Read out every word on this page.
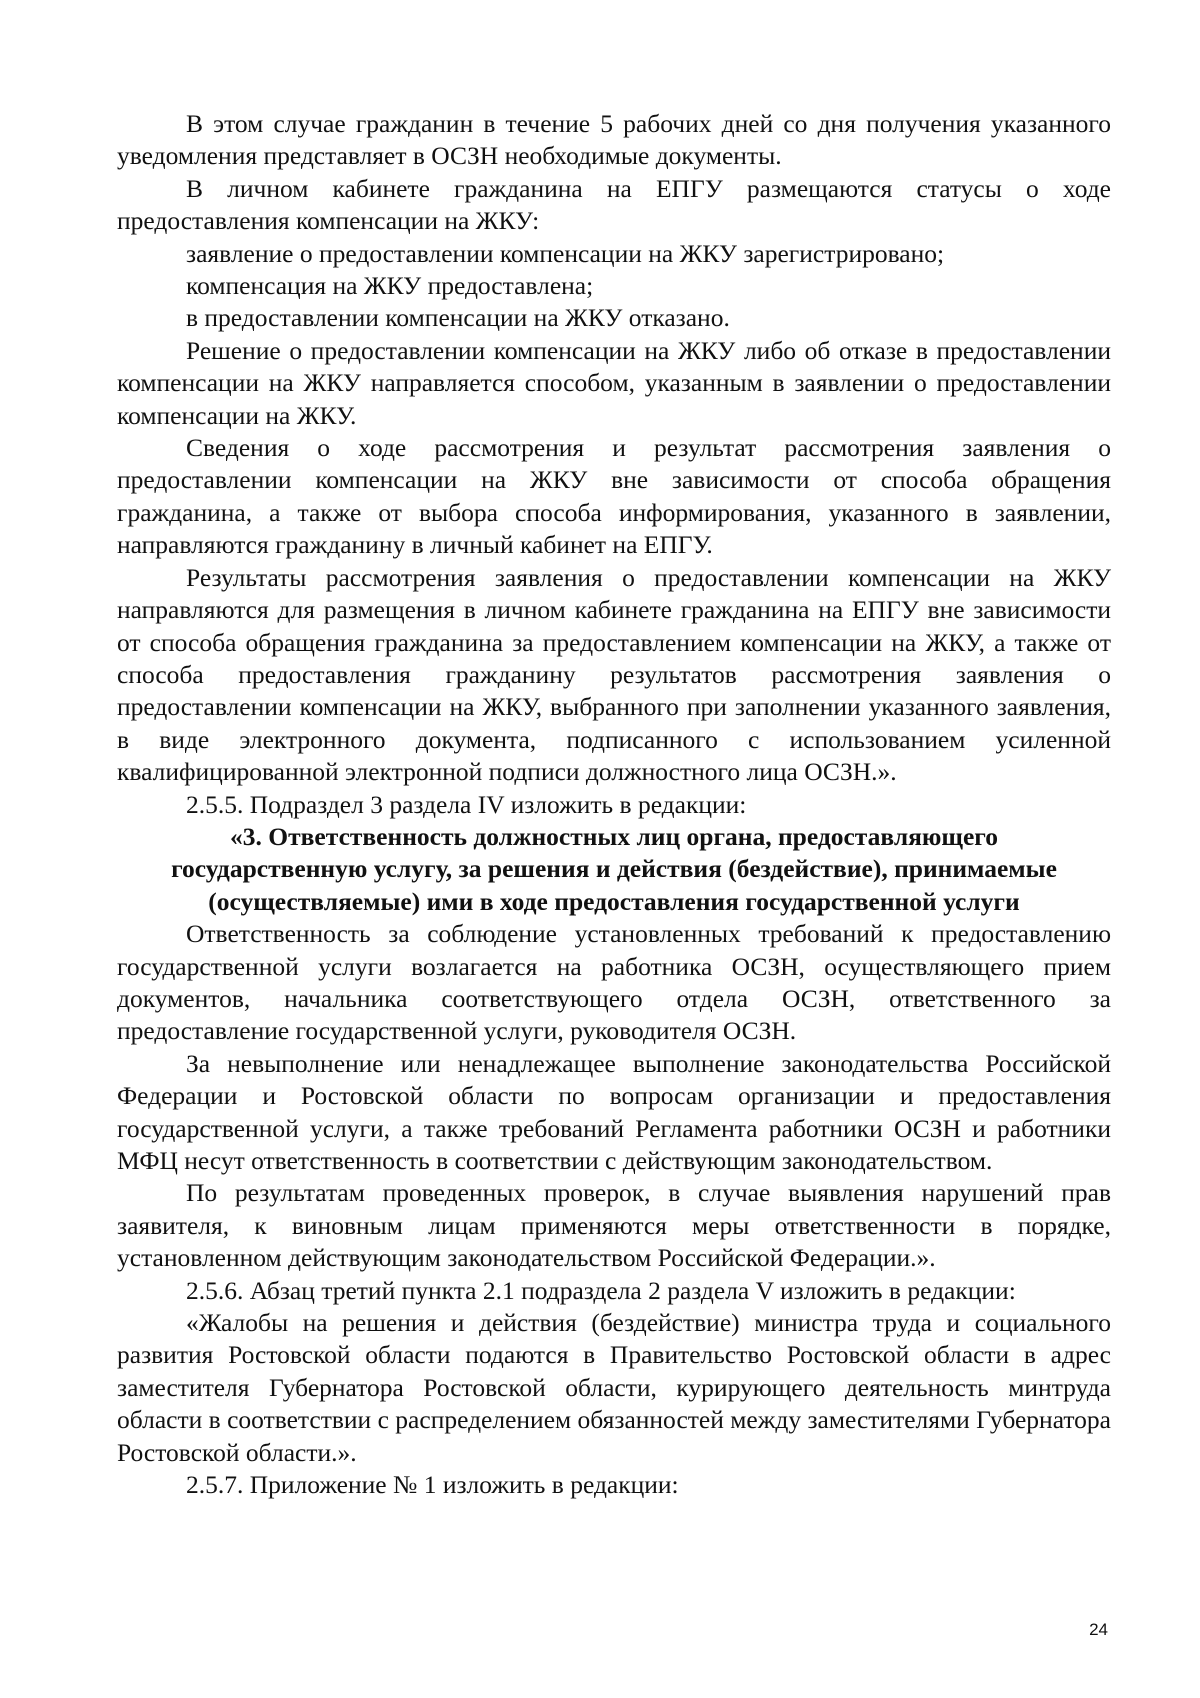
В этом случае гражданин в течение 5 рабочих дней со дня получения указанного уведомления представляет в ОСЗН необходимые документы.

В личном кабинете гражданина на ЕПГУ размещаются статусы о ходе предоставления компенсации на ЖКУ:

заявление о предоставлении компенсации на ЖКУ зарегистрировано;

компенсация на ЖКУ предоставлена;

в предоставлении компенсации на ЖКУ отказано.

Решение о предоставлении компенсации на ЖКУ либо об отказе в предоставлении компенсации на ЖКУ направляется способом, указанным в заявлении о предоставлении компенсации на ЖКУ.

Сведения о ходе рассмотрения и результат рассмотрения заявления о предоставлении компенсации на ЖКУ вне зависимости от способа обращения гражданина, а также от выбора способа информирования, указанного в заявлении, направляются гражданину в личный кабинет на ЕПГУ.

Результаты рассмотрения заявления о предоставлении компенсации на ЖКУ направляются для размещения в личном кабинете гражданина на ЕПГУ вне зависимости от способа обращения гражданина за предоставлением компенсации на ЖКУ, а также от способа предоставления гражданину результатов рассмотрения заявления о предоставлении компенсации на ЖКУ, выбранного при заполнении указанного заявления, в виде электронного документа, подписанного с использованием усиленной квалифицированной электронной подписи должностного лица ОСЗН.».

2.5.5. Подраздел 3 раздела IV изложить в редакции:

«3. Ответственность должностных лиц органа, предоставляющего

государственную услугу, за решения и действия (бездействие), принимаемые

(осуществляемые) ими в ходе предоставления государственной услуги

Ответственность за соблюдение установленных требований к предоставлению государственной услуги возлагается на работника ОСЗН, осуществляющего прием документов, начальника соответствующего отдела ОСЗН, ответственного за предоставление государственной услуги, руководителя ОСЗН.

За невыполнение или ненадлежащее выполнение законодательства Российской Федерации и Ростовской области по вопросам организации и предоставления государственной услуги, а также требований Регламента работники ОСЗН и работники МФЦ несут ответственность в соответствии с действующим законодательством.

По результатам проведенных проверок, в случае выявления нарушений прав заявителя, к виновным лицам применяются меры ответственности в порядке, установленном действующим законодательством Российской Федерации.».

2.5.6. Абзац третий пункта 2.1 подраздела 2 раздела V изложить в редакции:

«Жалобы на решения и действия (бездействие) министра труда и социального развития Ростовской области подаются в Правительство Ростовской области в адрес заместителя Губернатора Ростовской области, курирующего деятельность минтруда области в соответствии с распределением обязанностей между заместителями Губернатора Ростовской области.».

2.5.7. Приложение № 1 изложить в редакции:

24
